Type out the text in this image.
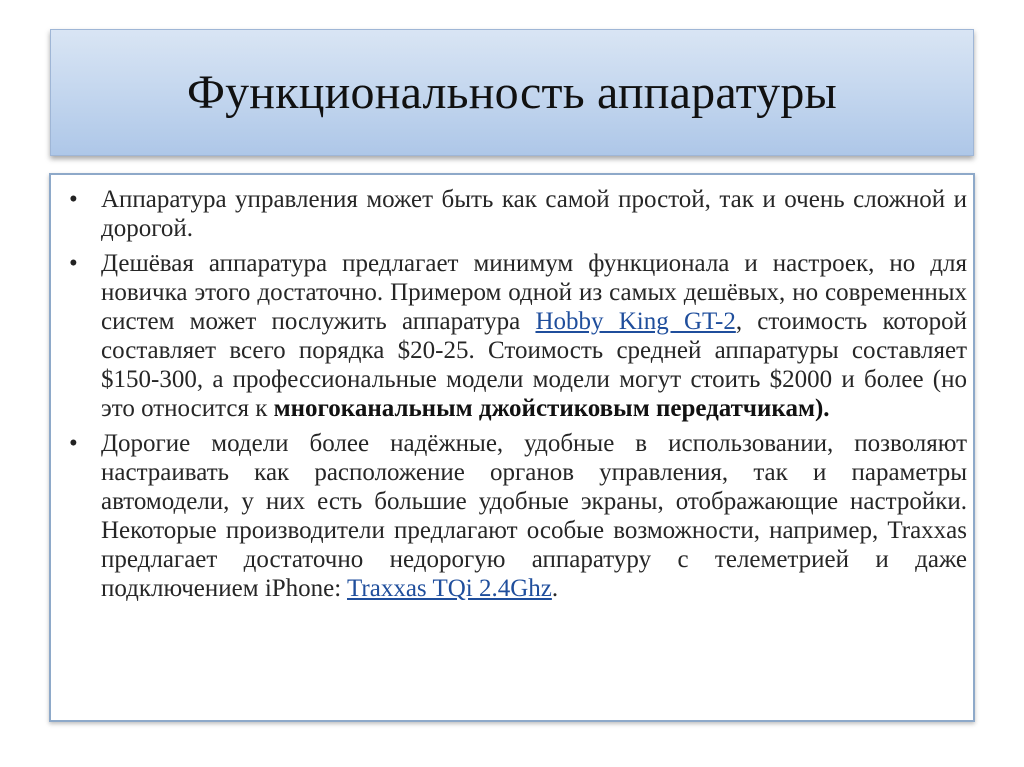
Функциональность аппаратуры
• Аппаратура управления может быть как самой простой, так и очень сложной и дорогой.
• Дешёвая аппаратура предлагает минимум функционала и настроек, но для новичка этого достаточно. Примером одной из самых дешёвых, но современных систем может послужить аппаратура Hobby King GT-2, стоимость которой составляет всего порядка $20-25. Стоимость средней аппаратуры составляет $150-300, а профессиональные модели модели могут стоить $2000 и более (но это относится к многоканальным джойстиковым передатчикам).
• Дорогие модели более надёжные, удобные в использовании, позволяют настраивать как расположение органов управления, так и параметры автомодели, у них есть большие удобные экраны, отображающие настройки. Некоторые производители предлагают особые возможности, например, Traxxas предлагает достаточно недорогую аппаратуру с телеметрией и даже подключением iPhone: Traxxas TQi 2.4Ghz.
